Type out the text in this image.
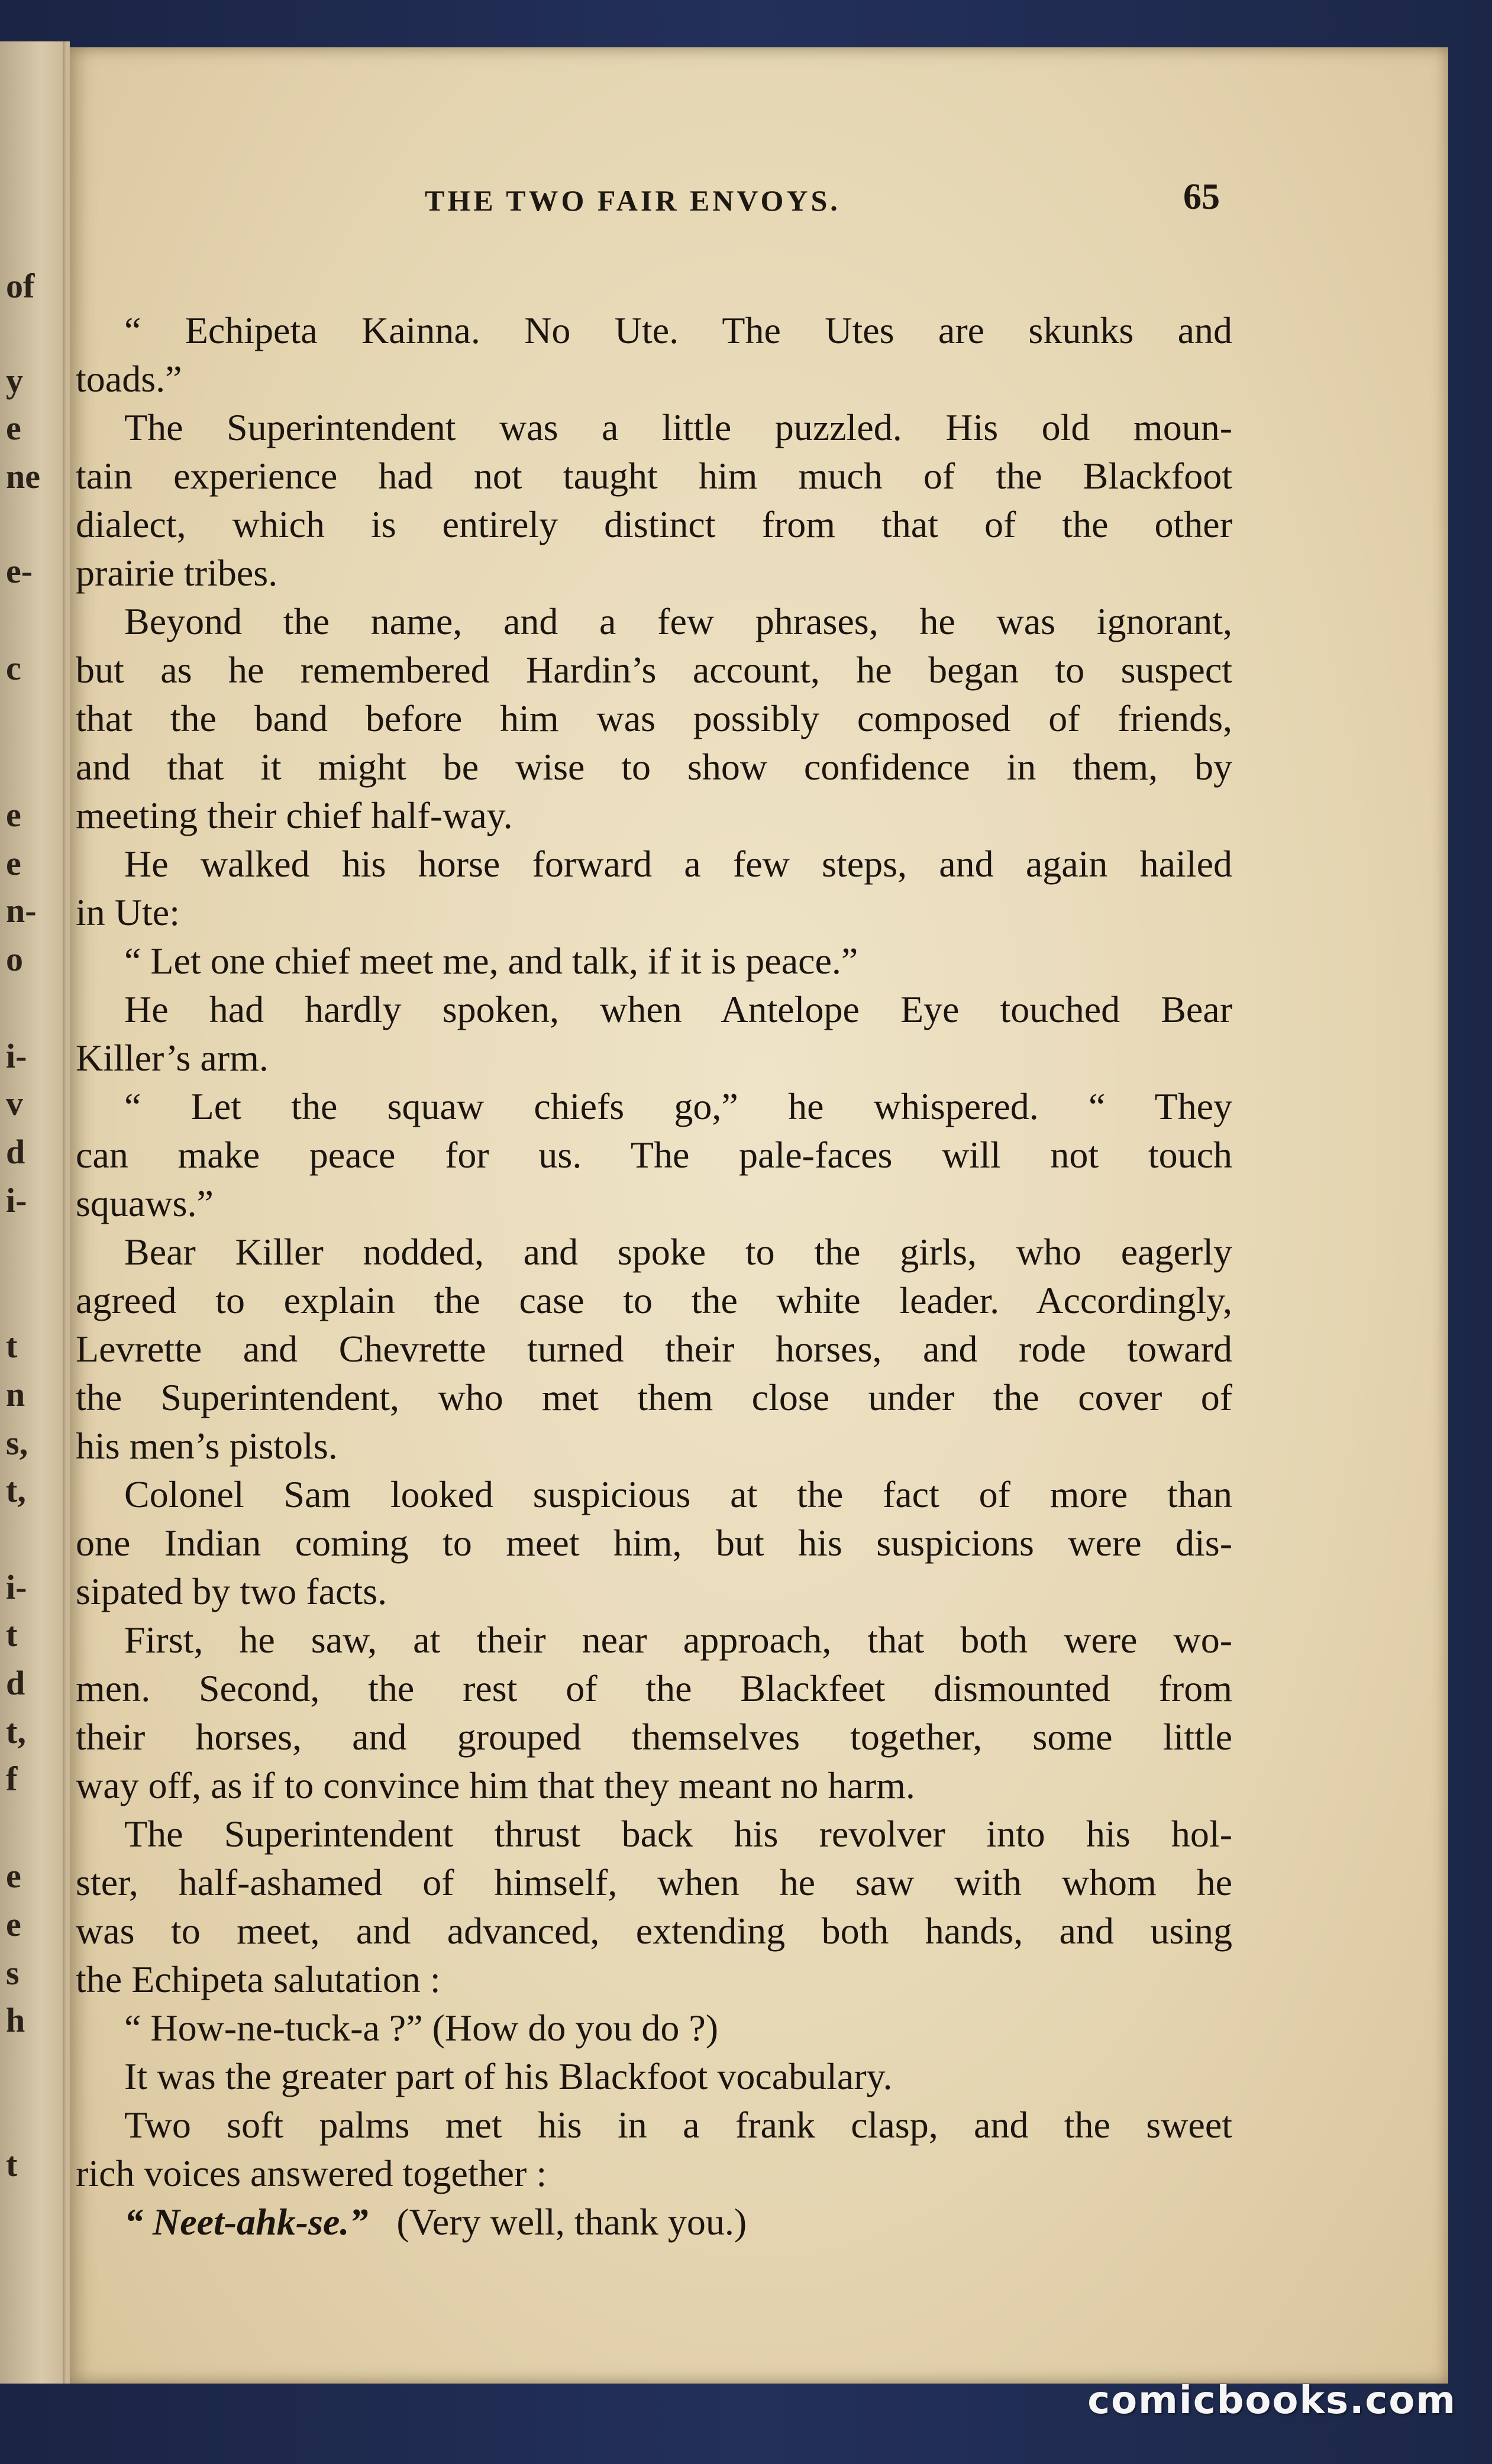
of
y
e
ne
e-
c
e
e
n-
o
i-
v
d
i-
t
n
s,
t,
i-
t
d
t,
f
e
e
s
h
t
THE TWO FAIR ENVOYS.	65
“ Echipeta Kainna. No Ute. The Utes are skunks and
toads.”
The Superintendent was a little puzzled. His old moun-
tain experience had not taught him much of the Blackfoot
dialect, which is entirely distinct from that of the other
prairie tribes.
Beyond the name, and a few phrases, he was ignorant,
but as he remembered Hardin’s account, he began to suspect
that the band before him was possibly composed of friends,
and that it might be wise to show confidence in them, by
meeting their chief half-way.
He walked his horse forward a few steps, and again hailed
in Ute:
“ Let one chief meet me, and talk, if it is peace.”
He had hardly spoken, when Antelope Eye touched Bear
Killer’s arm.
“ Let the squaw chiefs go,” he whispered. “ They
can make peace for us. The pale-faces will not touch
squaws.”
Bear Killer nodded, and spoke to the girls, who eagerly
agreed to explain the case to the white leader. Accordingly,
Levrette and Chevrette turned their horses, and rode toward
the Superintendent, who met them close under the cover of
his men’s pistols.
Colonel Sam looked suspicious at the fact of more than
one Indian coming to meet him, but his suspicions were dis-
sipated by two facts.
First, he saw, at their near approach, that both were wo-
men. Second, the rest of the Blackfeet dismounted from
their horses, and grouped themselves together, some little
way off, as if to convince him that they meant no harm.
The Superintendent thrust back his revolver into his hol-
ster, half-ashamed of himself, when he saw with whom he
was to meet, and advanced, extending both hands, and using
the Echipeta salutation :
“ How-ne-tuck-a ?” (How do you do ?)
It was the greater part of his Blackfoot vocabulary.
Two soft palms met his in a frank clasp, and the sweet
rich voices answered together :
“ Neet-ahk-se.” (Very well, thank you.)
comicbooks.com
